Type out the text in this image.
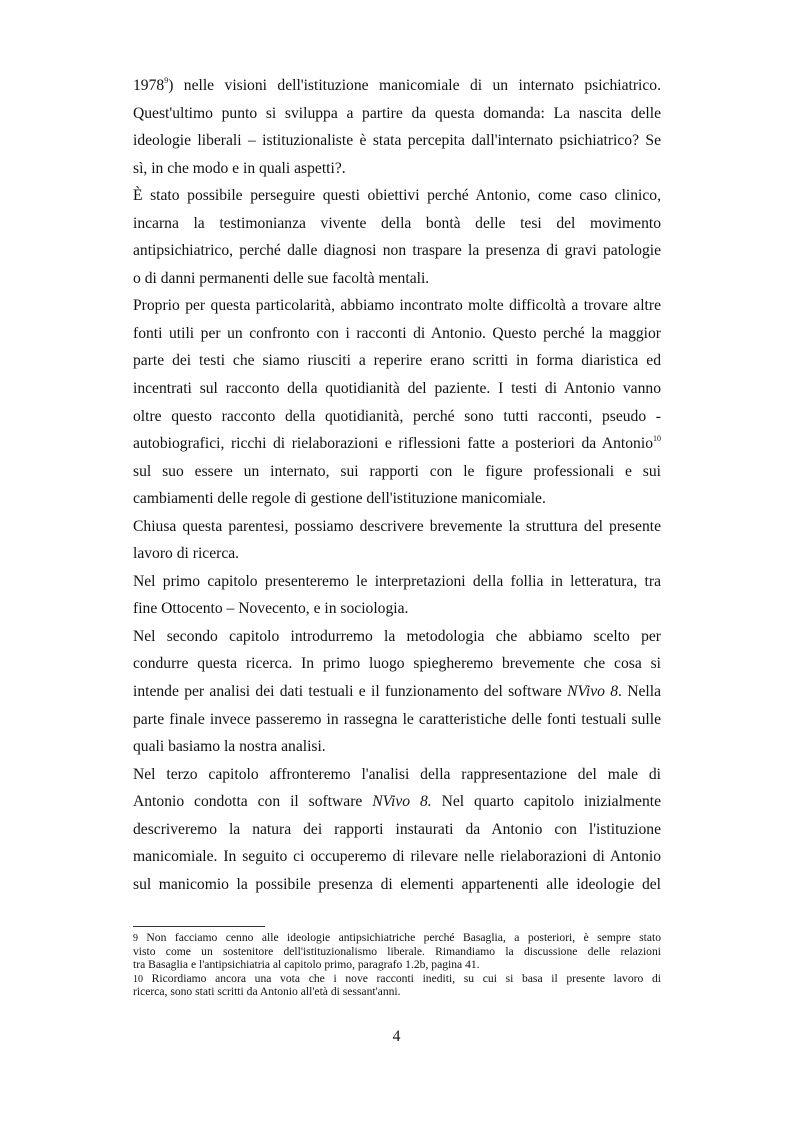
1978$^9$) nelle visioni dell'istituzione manicomiale di un internato psichiatrico.
Quest'ultimo punto si sviluppa a partire da questa domanda: La nascita delle
ideologie liberali – istituzionaliste è stata percepita dall'internato psichiatrico? Se
sì, in che modo e in quali aspetti?.
È stato possibile perseguire questi obiettivi perché Antonio, come caso clinico,
incarna la testimonianza vivente della bontà delle tesi del movimento
antipsichiatrico, perché dalle diagnosi non traspare la presenza di gravi patologie
o di danni permanenti delle sue facoltà mentali.
Proprio per questa particolarità, abbiamo incontrato molte difficoltà a trovare altre
fonti utili per un confronto con i racconti di Antonio. Questo perché la maggior
parte dei testi che siamo riusciti a reperire erano scritti in forma diaristica ed
incentrati sul racconto della quotidianità del paziente. I testi di Antonio vanno
oltre questo racconto della quotidianità, perché sono tutti racconti, pseudo -
autobiografici, ricchi di rielaborazioni e riflessioni fatte a posteriori da Antonio$^{10}$
sul suo essere un internato, sui rapporti con le figure professionali e sui
cambiamenti delle regole di gestione dell'istituzione manicomiale.
Chiusa questa parentesi, possiamo descrivere brevemente la struttura del presente
lavoro di ricerca.
Nel primo capitolo presenteremo le interpretazioni della follia in letteratura, tra
fine Ottocento – Novecento, e in sociologia.
Nel secondo capitolo introdurremo la metodologia che abbiamo scelto per
condurre questa ricerca. In primo luogo spiegheremo brevemente che cosa si
intende per analisi dei dati testuali e il funzionamento del software NVivo 8. Nella
parte finale invece passeremo in rassegna le caratteristiche delle fonti testuali sulle
quali basiamo la nostra analisi.
Nel terzo capitolo affronteremo l'analisi della rappresentazione del male di
Antonio condotta con il software NVivo 8. Nel quarto capitolo inizialmente
descriveremo la natura dei rapporti instaurati da Antonio con l'istituzione
manicomiale. In seguito ci occuperemo di rilevare nelle rielaborazioni di Antonio
sul manicomio la possibile presenza di elementi appartenenti alle ideologie del
9 Non facciamo cenno alle ideologie antipsichiatriche perché Basaglia, a posteriori, è sempre stato
visto come un sostenitore dell'istituzionalismo liberale. Rimandiamo la discussione delle relazioni
tra Basaglia e l'antipsichiatria al capitolo primo, paragrafo 1.2b, pagina 41.
10 Ricordiamo ancora una vota che i nove racconti inediti, su cui si basa il presente lavoro di
ricerca, sono stati scritti da Antonio all'età di sessant'anni.
4
